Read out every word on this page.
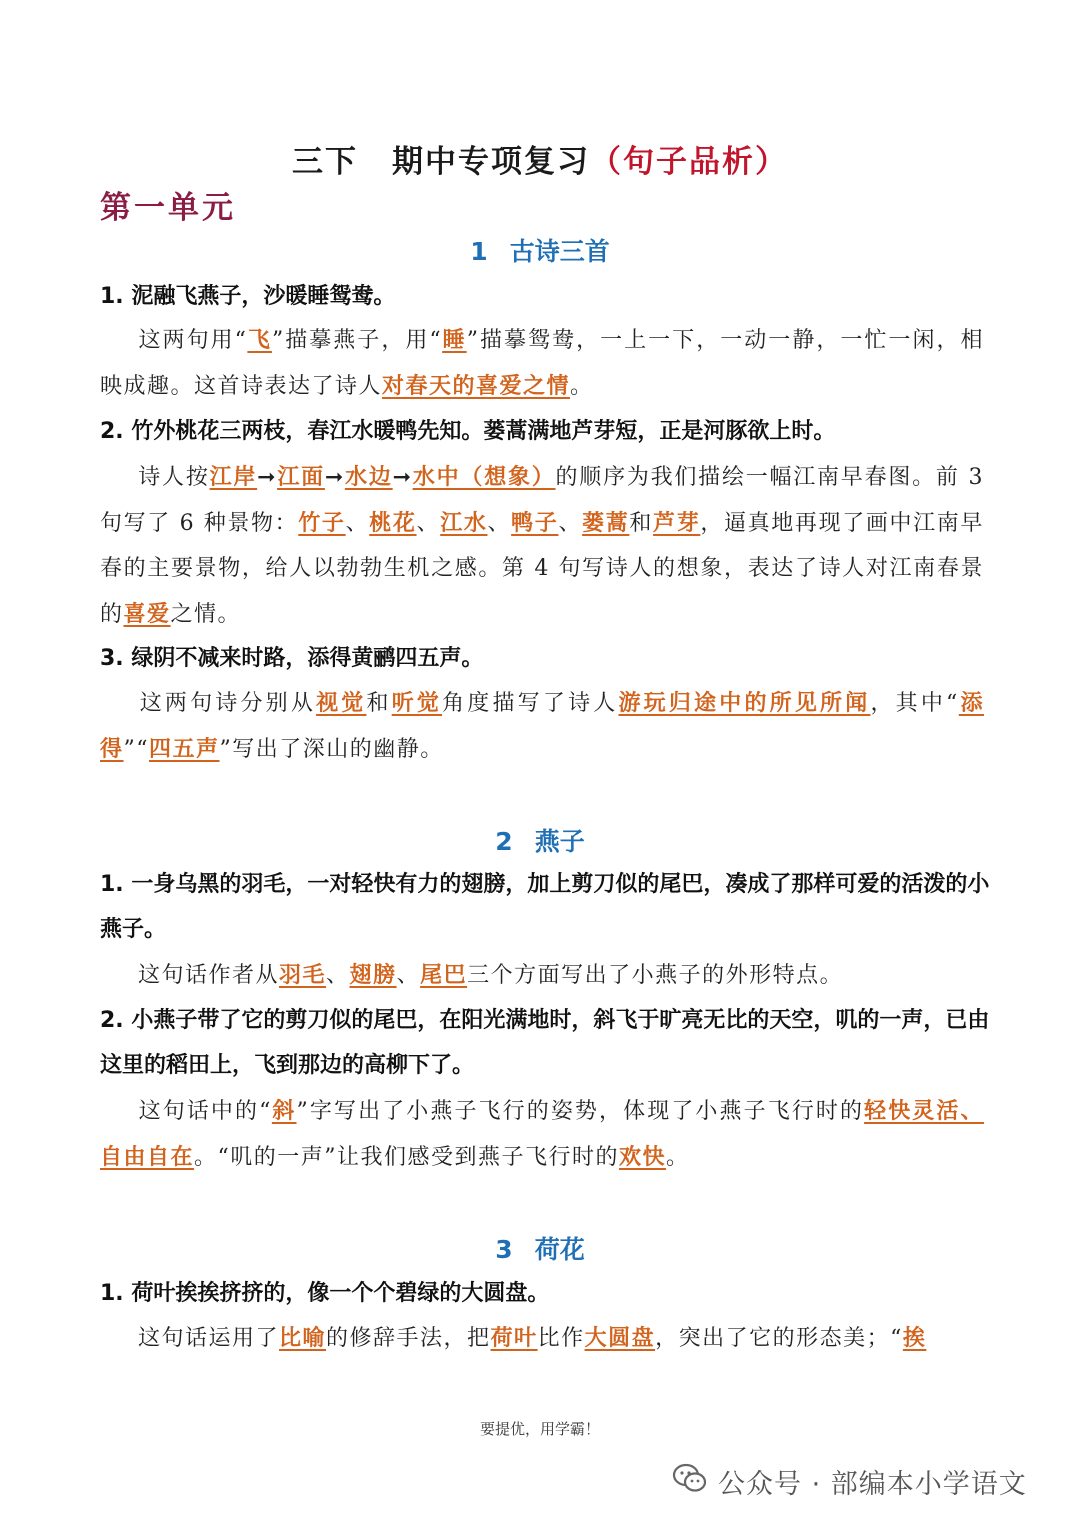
三下 期中专项复习（句子品析）
第一单元
1 古诗三首
1. 泥融飞燕子，沙暖睡鸳鸯。
这两句用“飞”描摹燕子，用“睡”描摹鸳鸯，一上一下，一动一静，一忙一闲，相映成趣。这首诗表达了诗人对春天的喜爱之情。
2. 竹外桃花三两枝，春江水暖鸭先知。蒌蒿满地芦芽短，正是河豚欲上时。
诗人按江岸➞江面➞水边➞水中（想象）的顺序为我们描绘一幅江南早春图。前 3 句写了 6 种景物：竹子、桃花、江水、鸭子、蒌蒿和芦芽，逼真地再现了画中江南早春的主要景物，给人以勃勃生机之感。第 4 句写诗人的想象，表达了诗人对江南春景的喜爱之情。
3. 绿阴不减来时路，添得黄鹂四五声。
这两句诗分别从视觉和听觉角度描写了诗人游玩归途中的所见所闻，其中“添得”“四五声”写出了深山的幽静。
2 燕子
1. 一身乌黑的羽毛，一对轻快有力的翅膀，加上剪刀似的尾巴，凑成了那样可爱的活泼的小燕子。
这句话作者从羽毛、翅膀、尾巴三个方面写出了小燕子的外形特点。
2. 小燕子带了它的剪刀似的尾巴，在阳光满地时，斜飞于旷亮无比的天空，叽的一声，已由这里的稻田上，飞到那边的高柳下了。
这句话中的“斜”字写出了小燕子飞行的姿势，体现了小燕子飞行时的轻快灵活、自由自在。“叽的一声”让我们感受到燕子飞行时的欢快。
3 荷花
1. 荷叶挨挨挤挤的，像一个个碧绿的大圆盘。
这句话运用了比喻的修辞手法，把荷叶比作大圆盘，突出了它的形态美；“挨
要提优，用学霸！
公众号 · 部编本小学语文
